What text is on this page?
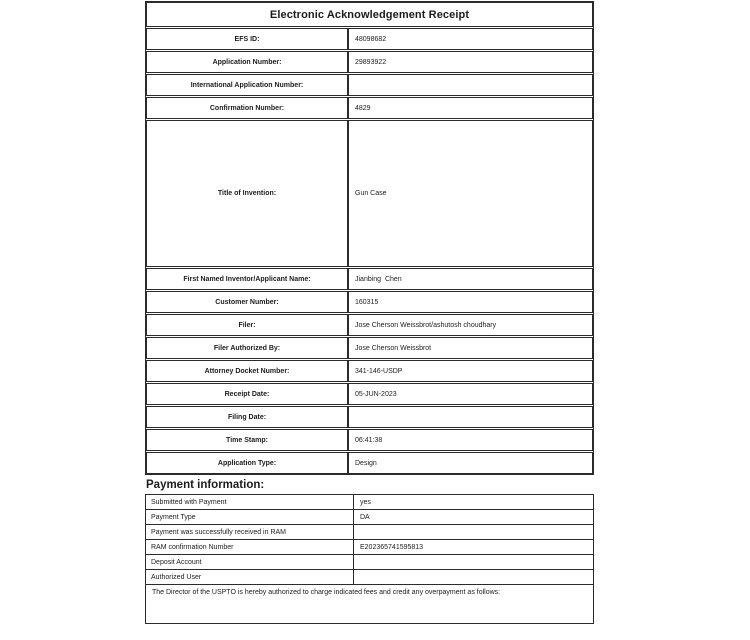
Electronic Acknowledgement Receipt
EFS ID:	48098682
Application Number:	29893922
International Application Number:
Confirmation Number:	4829
Title of Invention:	Gun Case
First Named Inventor/Applicant Name:	Jianbing  Chen
Customer Number:	160315
Filer:	Jose Cherson Weissbrot/ashutosh choudhary
Filer Authorized By:	Jose Cherson Weissbrot
Attorney Docket Number:	341-146-USDP
Receipt Date:	05-JUN-2023
Filing Date:
Time Stamp:	06:41:38
Application Type:	Design
Payment information:
Submitted with Payment	yes
Payment Type	DA
Payment was successfully received in RAM
RAM confirmation Number	E202365741595813
Deposit Account
Authorized User
The Director of the USPTO is hereby authorized to charge indicated fees and credit any overpayment as follows:
